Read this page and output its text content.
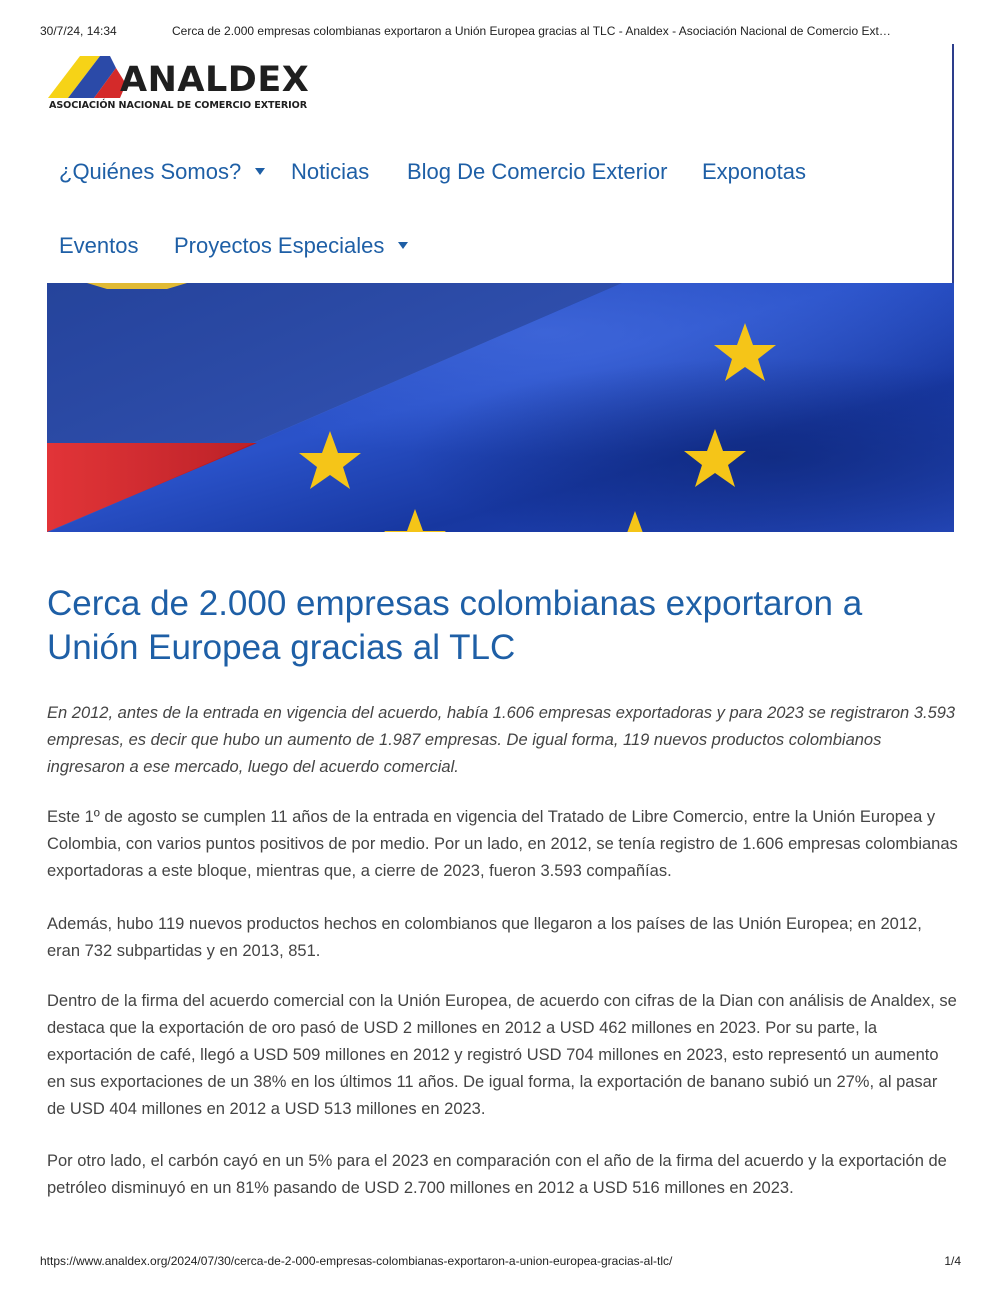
30/7/24, 14:34	Cerca de 2.000 empresas colombianas exportaron a Unión Europea gracias al TLC - Analdex - Asociación Nacional de Comercio Ext…
ANALDEX
ASOCIACIÓN NACIONAL DE COMERCIO EXTERIOR
¿Quiénes Somos?	Noticias Blog De Comercio Exterior Exponotas
Eventos Proyectos Especiales
Cerca de 2.000 empresas colombianas exportaron a Unión Europea gracias al TLC

En 2012, antes de la entrada en vigencia del acuerdo, había 1.606 empresas exportadoras y para 2023 se registraron 3.593 empresas, es decir que hubo un aumento de 1.987 empresas. De igual forma, 119 nuevos productos colombianos ingresaron a ese mercado, luego del acuerdo comercial.

Este 1º de agosto se cumplen 11 años de la entrada en vigencia del Tratado de Libre Comercio, entre la Unión Europea y Colombia, con varios puntos positivos de por medio. Por un lado, en 2012, se tenía registro de 1.606 empresas colombianas exportadoras a este bloque, mientras que, a cierre de 2023, fueron 3.593 compañías.

Además, hubo 119 nuevos productos hechos en colombianos que llegaron a los países de las Unión Europea; en 2012, eran 732 subpartidas y en 2013, 851.

Dentro de la firma del acuerdo comercial con la Unión Europea, de acuerdo con cifras de la Dian con análisis de Analdex, se destaca que la exportación de oro pasó de USD 2 millones en 2012 a USD 462 millones en 2023. Por su parte, la exportación de café, llegó a USD 509 millones en 2012 y registró USD 704 millones en 2023, esto representó un aumento en sus exportaciones de un 38% en los últimos 11 años. De igual forma, la exportación de banano subió un 27%, al pasar de USD 404 millones en 2012 a USD 513 millones en 2023.

Por otro lado, el carbón cayó en un 5% para el 2023 en comparación con el año de la firma del acuerdo y la exportación de petróleo disminuyó en un 81% pasando de USD 2.700 millones en 2012 a USD 516 millones en 2023.

https://www.analdex.org/2024/07/30/cerca-de-2-000-empresas-colombianas-exportaron-a-union-europea-gracias-al-tlc/	1/4
